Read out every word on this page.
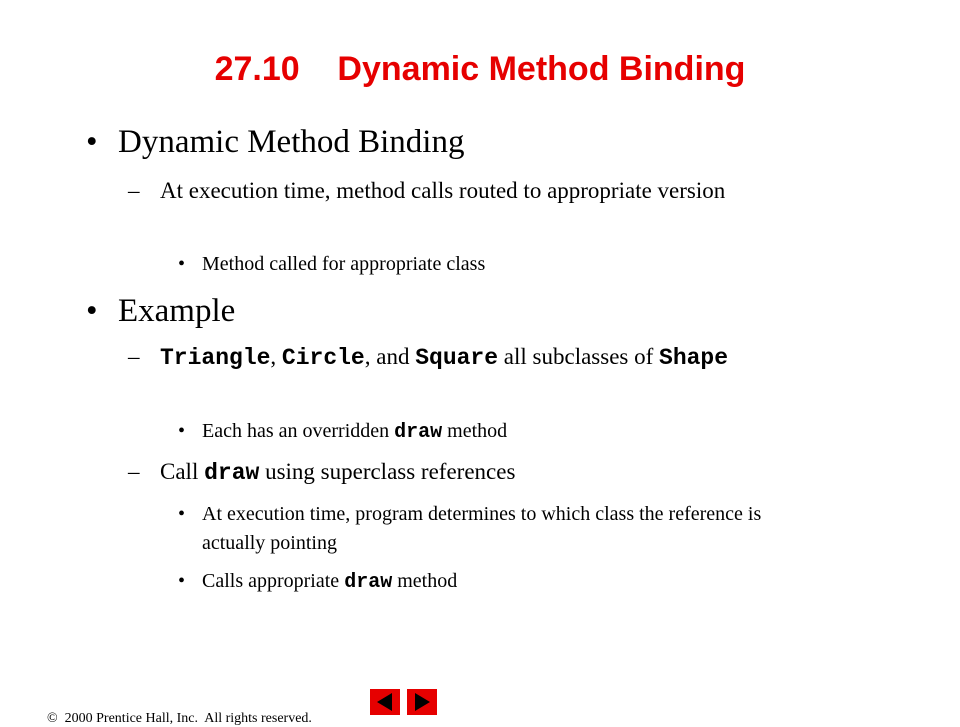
27.10    Dynamic Method Binding
• Dynamic Method Binding
– At execution time, method calls routed to appropriate version
• Method called for appropriate class
• Example
– Triangle, Circle, and Square all subclasses of Shape
• Each has an overridden draw method
– Call draw using superclass references
• At execution time, program determines to which class the reference is actually pointing
• Calls appropriate draw method

©  2000 Prentice Hall, Inc.  All rights reserved.
